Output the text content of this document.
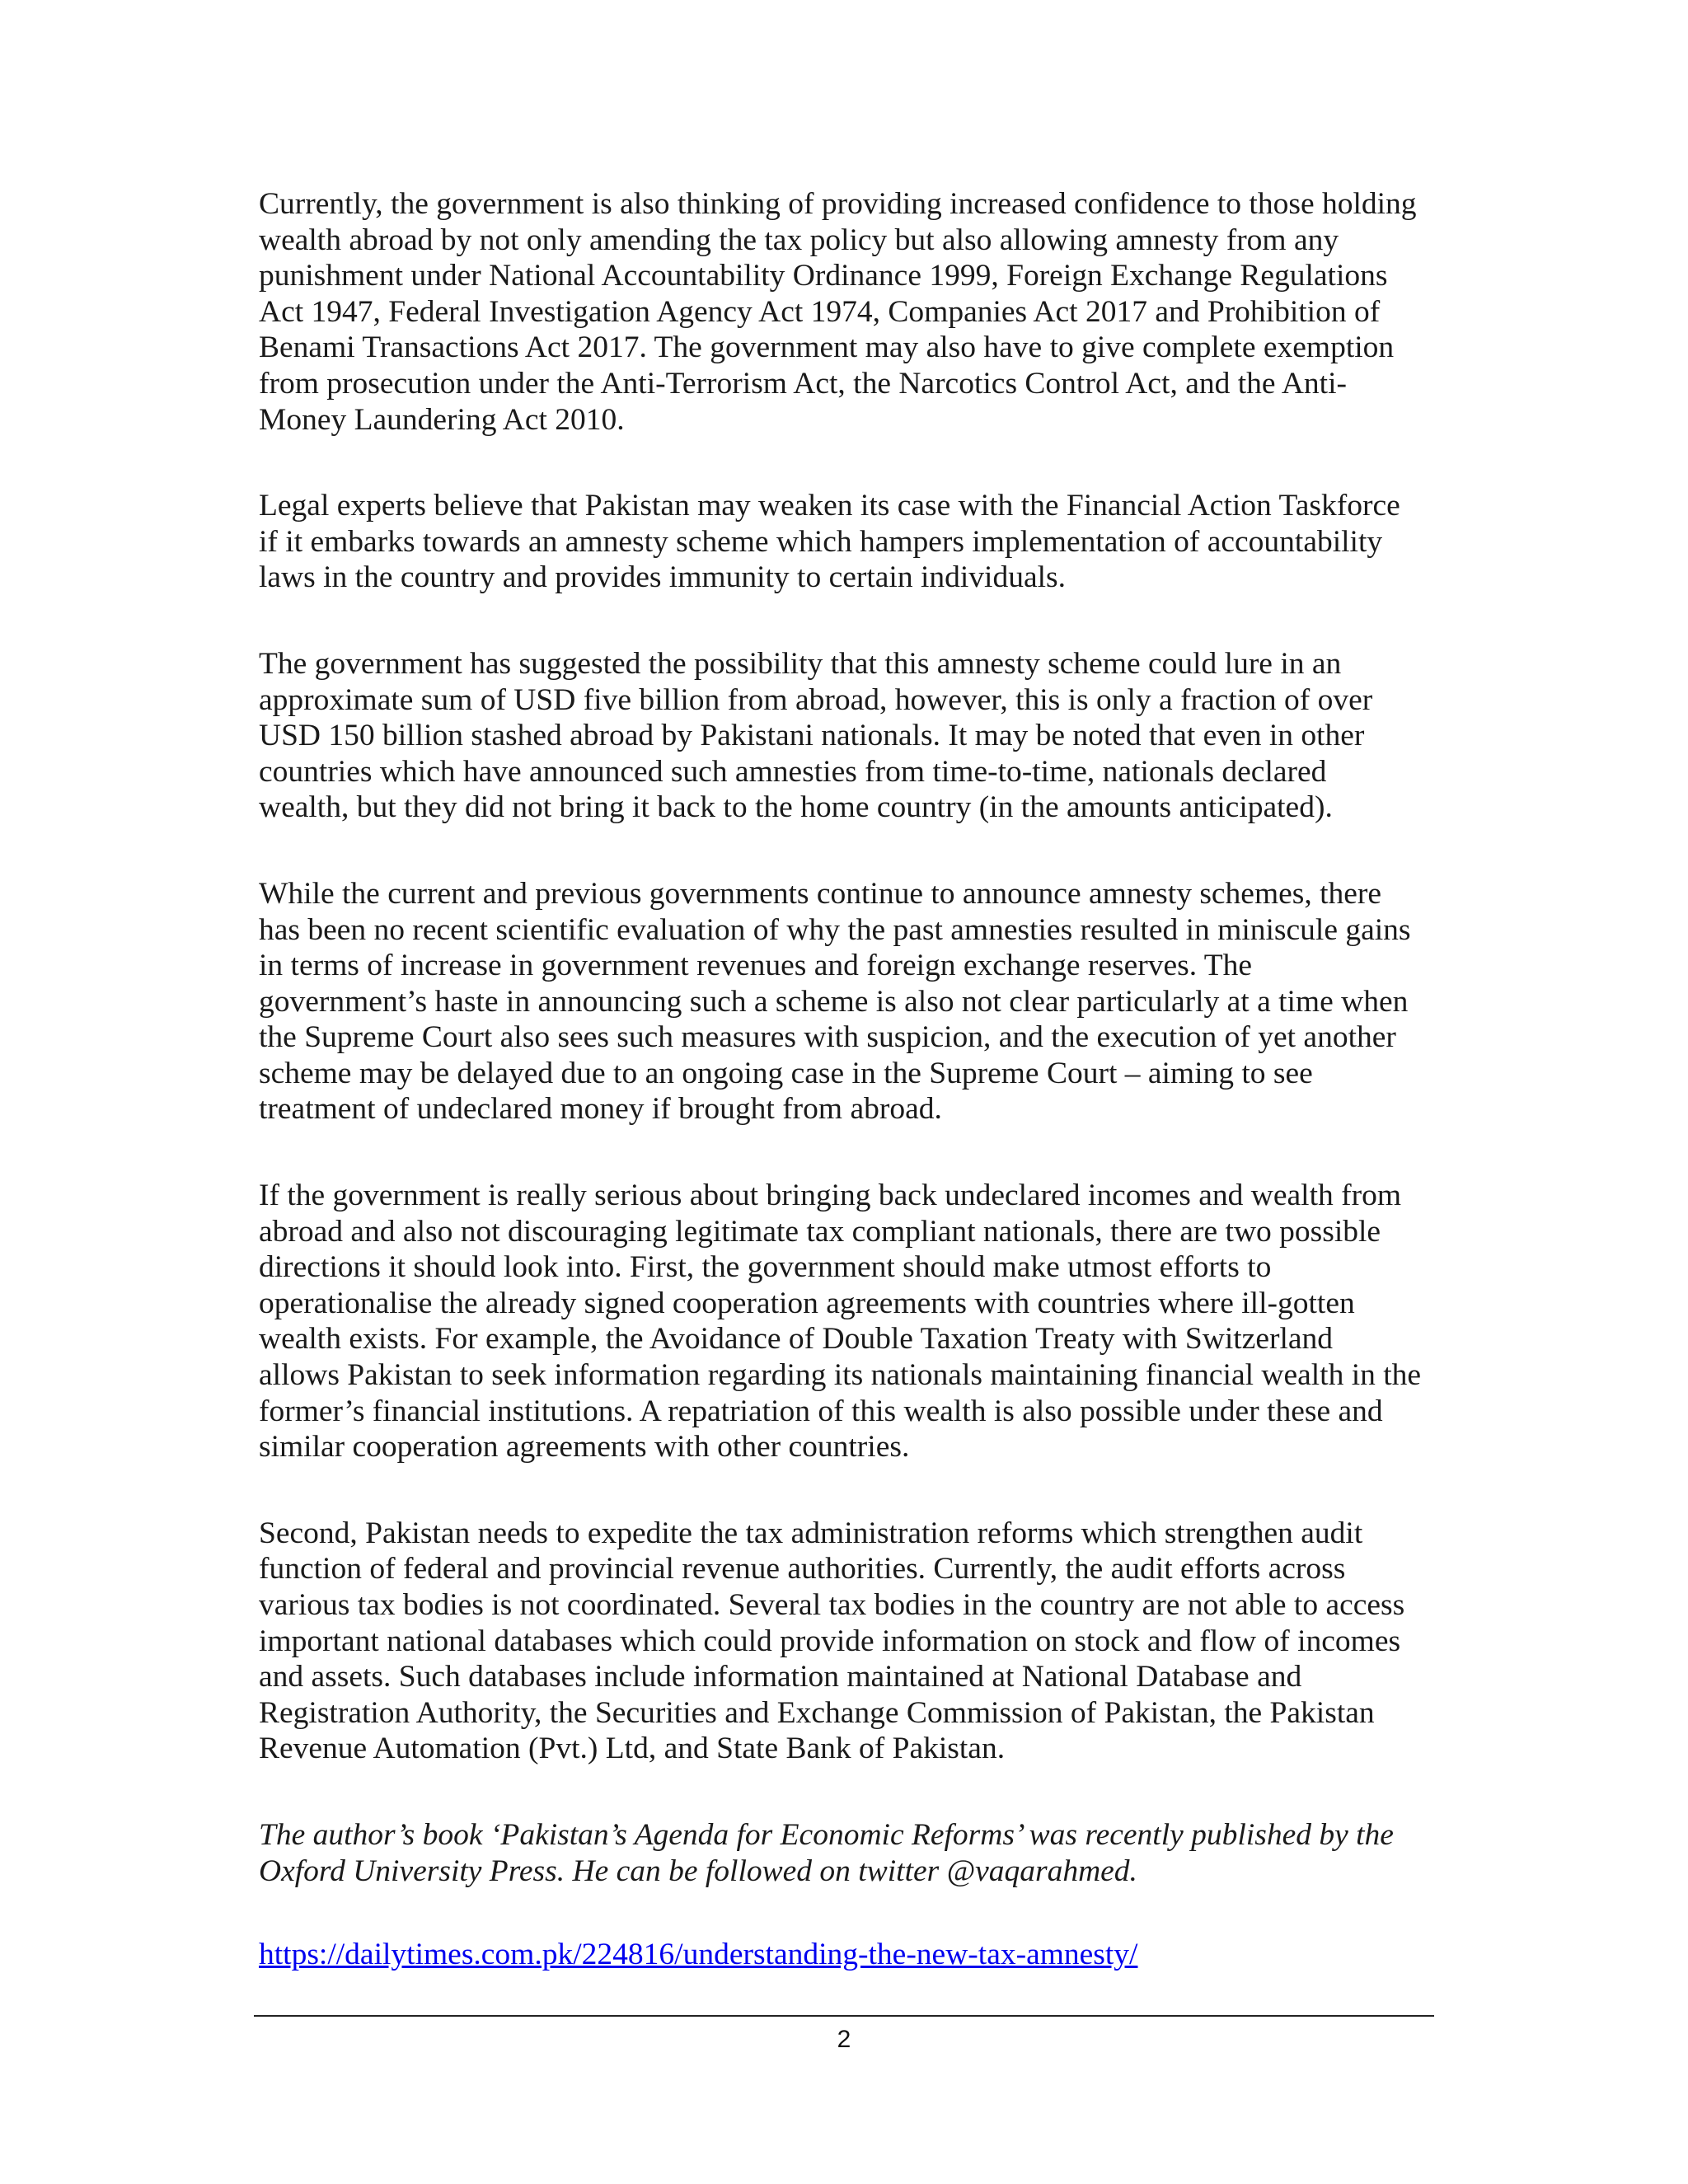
Currently, the government is also thinking of providing increased confidence to those holding
wealth abroad by not only amending the tax policy but also allowing amnesty from any
punishment under National Accountability Ordinance 1999, Foreign Exchange Regulations
Act 1947, Federal Investigation Agency Act 1974, Companies Act 2017 and Prohibition of
Benami Transactions Act 2017. The government may also have to give complete exemption
from prosecution under the Anti-Terrorism Act, the Narcotics Control Act, and the Anti-
Money Laundering Act 2010.

Legal experts believe that Pakistan may weaken its case with the Financial Action Taskforce
if it embarks towards an amnesty scheme which hampers implementation of accountability
laws in the country and provides immunity to certain individuals.

The government has suggested the possibility that this amnesty scheme could lure in an
approximate sum of USD five billion from abroad, however, this is only a fraction of over
USD 150 billion stashed abroad by Pakistani nationals. It may be noted that even in other
countries which have announced such amnesties from time-to-time, nationals declared
wealth, but they did not bring it back to the home country (in the amounts anticipated).

While the current and previous governments continue to announce amnesty schemes, there
has been no recent scientific evaluation of why the past amnesties resulted in miniscule gains
in terms of increase in government revenues and foreign exchange reserves. The
government’s haste in announcing such a scheme is also not clear particularly at a time when
the Supreme Court also sees such measures with suspicion, and the execution of yet another
scheme may be delayed due to an ongoing case in the Supreme Court – aiming to see
treatment of undeclared money if brought from abroad.

If the government is really serious about bringing back undeclared incomes and wealth from
abroad and also not discouraging legitimate tax compliant nationals, there are two possible
directions it should look into. First, the government should make utmost efforts to
operationalise the already signed cooperation agreements with countries where ill-gotten
wealth exists. For example, the Avoidance of Double Taxation Treaty with Switzerland
allows Pakistan to seek information regarding its nationals maintaining financial wealth in the
former’s financial institutions. A repatriation of this wealth is also possible under these and
similar cooperation agreements with other countries.

Second, Pakistan needs to expedite the tax administration reforms which strengthen audit
function of federal and provincial revenue authorities. Currently, the audit efforts across
various tax bodies is not coordinated. Several tax bodies in the country are not able to access
important national databases which could provide information on stock and flow of incomes
and assets. Such databases include information maintained at National Database and
Registration Authority, the Securities and Exchange Commission of Pakistan, the Pakistan
Revenue Automation (Pvt.) Ltd, and State Bank of Pakistan.

The author’s book ‘Pakistan’s Agenda for Economic Reforms’ was recently published by the
Oxford University Press. He can be followed on twitter @vaqarahmed.

https://dailytimes.com.pk/224816/understanding-the-new-tax-amnesty/
2
